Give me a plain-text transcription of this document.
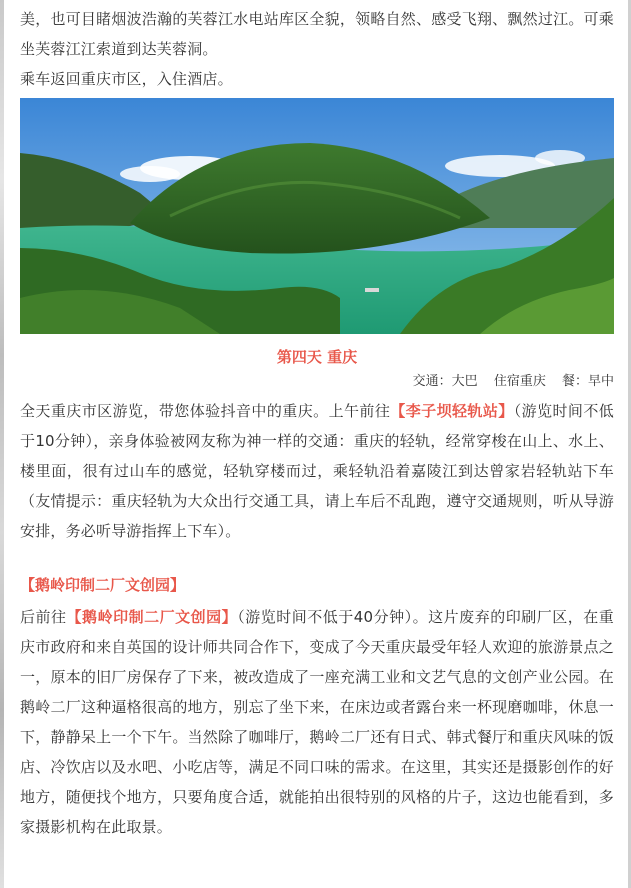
美，也可目睹烟波浩瀚的芙蓉江水电站库区全貌，领略自然、感受飞翔、飘然过江。可乘坐芙蓉江江索道到达芙蓉洞。

乘车返回重庆市区，入住酒店。

第四天 重庆
交通：大巴 住宿重庆 餐：早中

全天重庆市区游览，带您体验抖音中的重庆。上午前往【李子坝轻轨站】（游览时间不低于10分钟），亲身体验被网友称为神一样的交通：重庆的轻轨，经常穿梭在山上、水上、楼里面，很有过山车的感觉，轻轨穿楼而过，乘轻轨沿着嘉陵江到达曾家岩轻轨站下车（友情提示：重庆轻轨为大众出行交通工具，请上车后不乱跑，遵守交通规则，听从导游安排，务必听导游指挥上下车）。

【鹅岭印制二厂文创园】

后前往【鹅岭印制二厂文创园】（游览时间不低于40分钟）。这片废弃的印刷厂区，在重庆市政府和来自英国的设计师共同合作下，变成了今天重庆最受年轻人欢迎的旅游景点之一，原本的旧厂房保存了下来，被改造成了一座充满工业和文艺气息的文创产业公园。在鹅岭二厂这种逼格很高的地方，别忘了坐下来，在床边或者露台来一杯现磨咖啡，休息一下，静静呆上一个下午。当然除了咖啡厅，鹅岭二厂还有日式、韩式餐厅和重庆风味的饭店、冷饮店以及水吧、小吃店等，满足不同口味的需求。在这里，其实还是摄影创作的好地方，随便找个地方，只要角度合适，就能拍出很特别的风格的片子，这边也能看到，多家摄影机构在此取景。
